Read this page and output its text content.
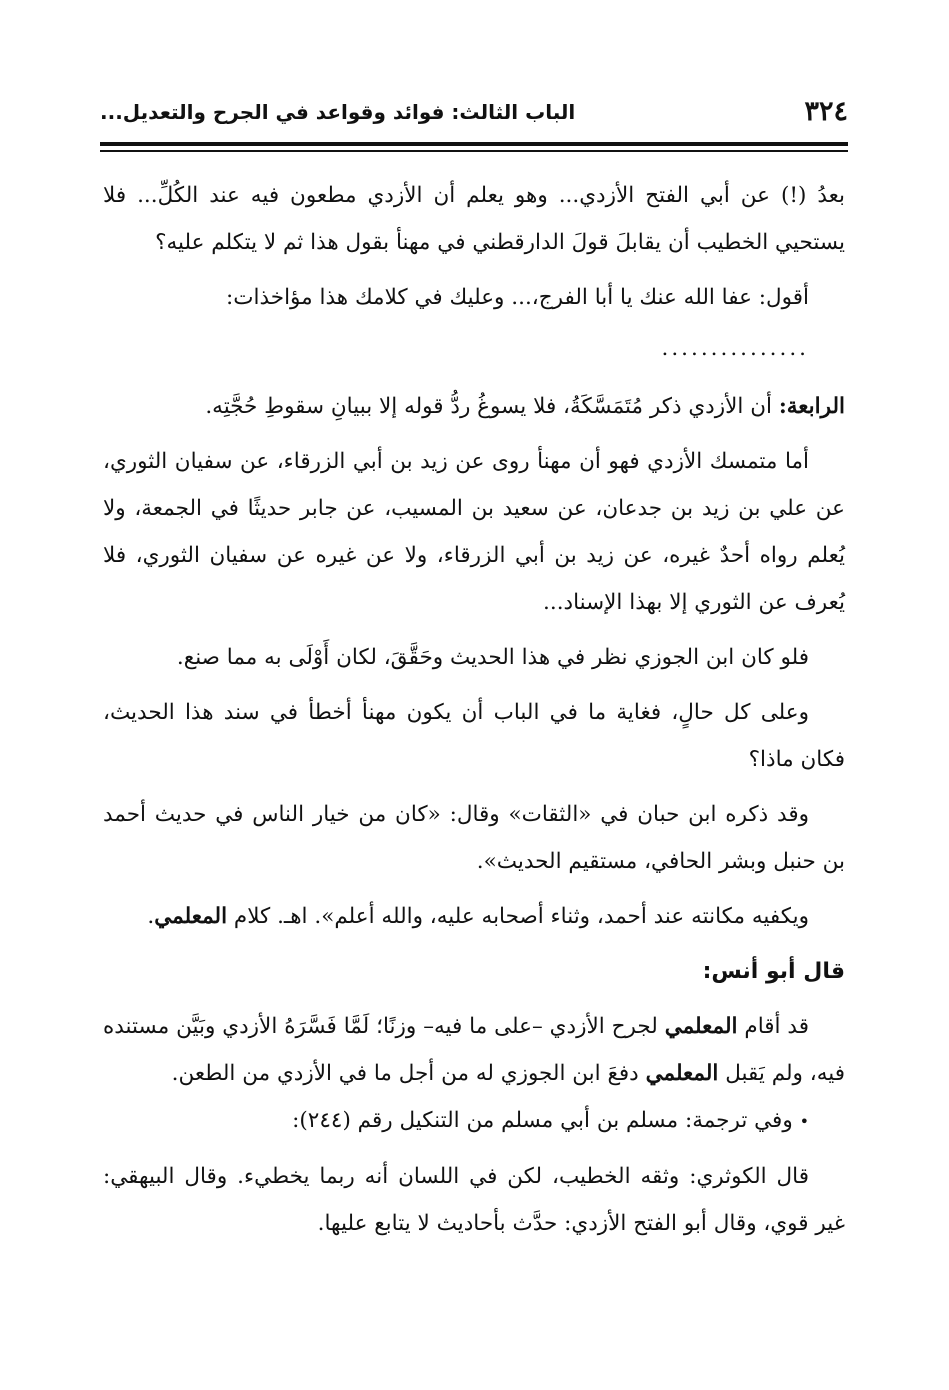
٣٢٤
الباب الثالث: فوائد وقواعد في الجرح والتعديل...

بعدُ (!) عن أبي الفتح الأزدي... وهو يعلم أن الأزدي مطعون فيه عند الكُلِّ... فلا يستحيي الخطيب أن يقابلَ قولَ الدارقطني في مهنأ بقول هذا ثم لا يتكلم عليه؟

أقول: عفا الله عنك يا أبا الفرج،... وعليك في كلامك هذا مؤاخذات:

...............

الرابعة: أن الأزدي ذكر مُتَمَسَّكَةُ، فلا يسوغُ ردُّ قوله إلا ببيانِ سقوطِ حُجَّتِه.

أما متمسك الأزدي فهو أن مهنأ روى عن زيد بن أبي الزرقاء، عن سفيان الثوري، عن علي بن زيد بن جدعان، عن سعيد بن المسيب، عن جابر حديثًا في الجمعة، ولا يُعلم رواه أحدٌ غيره، عن زيد بن أبي الزرقاء، ولا عن غيره عن سفيان الثوري، فلا يُعرف عن الثوري إلا بهذا الإسناد...

فلو كان ابن الجوزي نظر في هذا الحديث وحَقَّقَ، لكان أَوْلَى به مما صنع.

وعلى كل حالٍ، فغاية ما في الباب أن يكون مهنأ أخطأ في سند هذا الحديث، فكان ماذا؟

وقد ذكره ابن حبان في «الثقات» وقال: «كان من خيار الناس في حديث أحمد بن حنبل وبشر الحافي، مستقيم الحديث».

ويكفيه مكانته عند أحمد، وثناء أصحابه عليه، والله أعلم». اهـ. كلام المعلمي.

قال أبو أنس:

قد أقام المعلمي لجرح الأزدي –على ما فيه– وزنًا؛ لَمَّا فَسَّرَهُ الأزدي وبَيَّن مستنده فيه، ولم يَقبل المعلمي دفعَ ابن الجوزي له من أجل ما في الأزدي من الطعن.

• وفي ترجمة: مسلم بن أبي مسلم من التنكيل رقم (٢٤٤):

قال الكوثري: وثقه الخطيب، لكن في اللسان أنه ربما يخطيء. وقال البيهقي: غير قوي، وقال أبو الفتح الأزدي: حدَّث بأحاديث لا يتابع عليها.
